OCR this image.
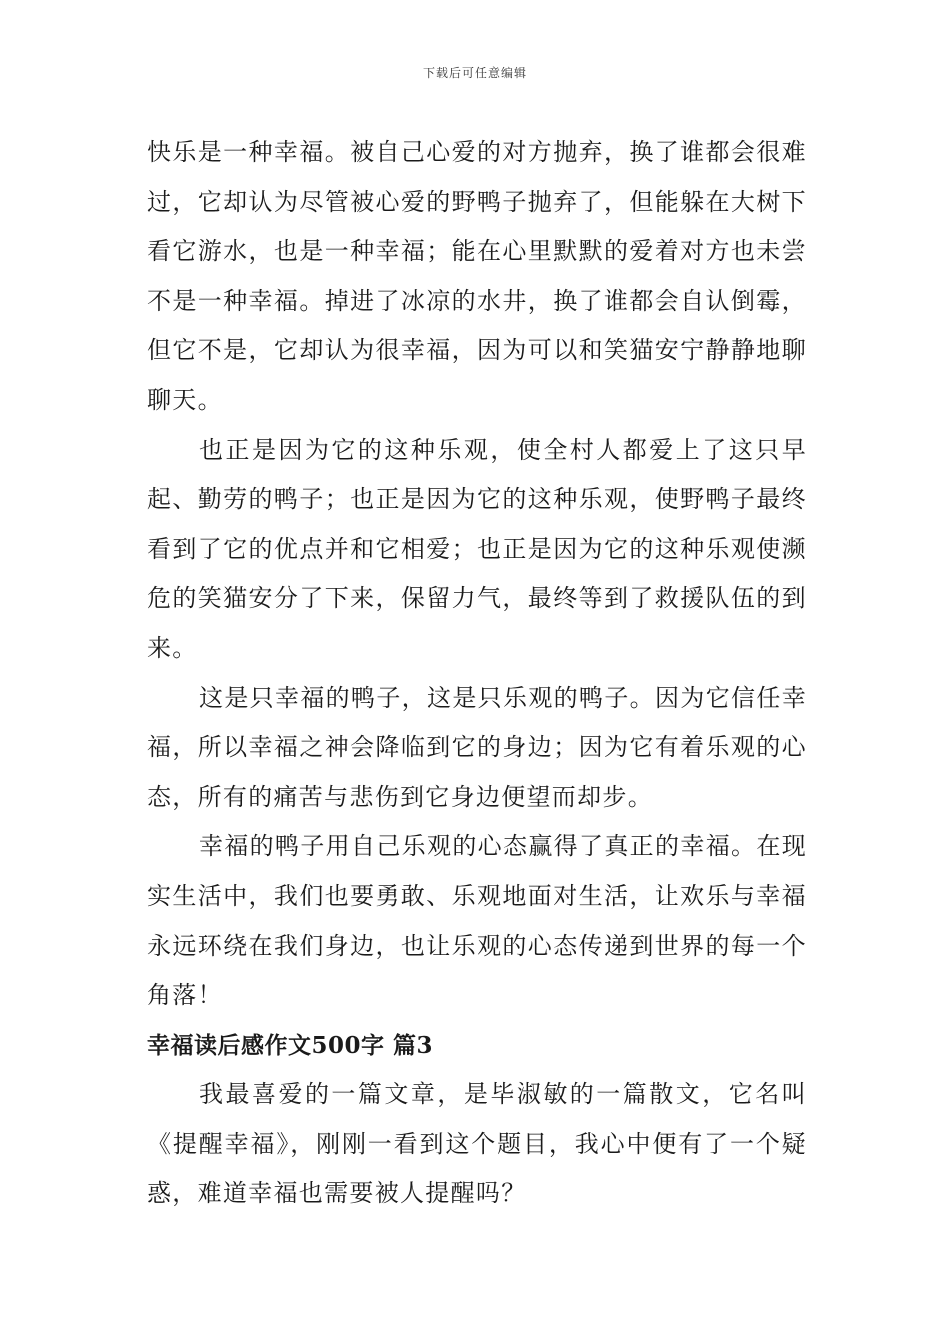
下载后可任意编辑

快乐是一种幸福。被自己心爱的对方抛弃，换了谁都会很难过，它却认为尽管被心爱的野鸭子抛弃了，但能躲在大树下看它游水，也是一种幸福；能在心里默默的爱着对方也未尝不是一种幸福。掉进了冰凉的水井，换了谁都会自认倒霉，但它不是，它却认为很幸福，因为可以和笑猫安宁静静地聊聊天。

也正是因为它的这种乐观，使全村人都爱上了这只早起、勤劳的鸭子；也正是因为它的这种乐观，使野鸭子最终看到了它的优点并和它相爱；也正是因为它的这种乐观使濒危的笑猫安分了下来，保留力气，最终等到了救援队伍的到来。

这是只幸福的鸭子，这是只乐观的鸭子。因为它信任幸福，所以幸福之神会降临到它的身边；因为它有着乐观的心态，所有的痛苦与悲伤到它身边便望而却步。

幸福的鸭子用自己乐观的心态赢得了真正的幸福。在现实生活中，我们也要勇敢、乐观地面对生活，让欢乐与幸福永远环绕在我们身边，也让乐观的心态传递到世界的每一个角落！

幸福读后感作文500字 篇3

我最喜爱的一篇文章，是毕淑敏的一篇散文，它名叫《提醒幸福》，刚刚一看到这个题目，我心中便有了一个疑惑，难道幸福也需要被人提醒吗？
